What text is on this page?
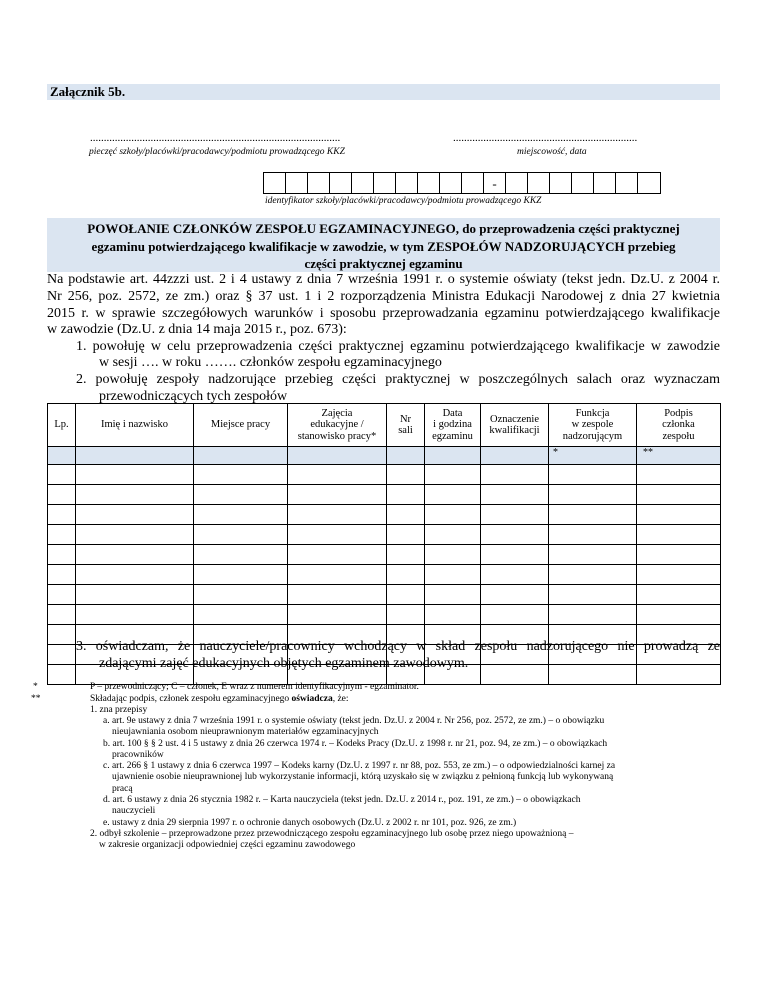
Załącznik 5b.
...........................................................................................
pieczęć szkoły/placówki/pracodawcy/podmiotu prowadzącego KKZ
...................................................................
miejscowość, data
-
identyfikator szkoły/placówki/pracodawcy/podmiotu prowadzącego KKZ
POWOŁANIE CZŁONKÓW ZESPOŁU EGZAMINACYJNEGO, do przeprowadzenia części praktycznej
egzaminu potwierdzającego kwalifikacje w zawodzie, w tym ZESPOŁÓW NADZORUJĄCYCH przebieg
części praktycznej egzaminu
Na podstawie art. 44zzzi ust. 2 i 4 ustawy z dnia 7 września 1991 r. o systemie oświaty (tekst jedn. Dz.U. z 2004 r.
Nr 256, poz. 2572, ze zm.) oraz § 37 ust. 1 i 2 rozporządzenia Ministra Edukacji Narodowej z dnia 27 kwietnia
2015 r. w sprawie szczegółowych warunków i sposobu przeprowadzania egzaminu potwierdzającego kwalifikacje
w zawodzie (Dz.U. z dnia 14 maja 2015 r., poz. 673):
1. powołuję w celu przeprowadzenia części praktycznej egzaminu potwierdzającego kwalifikacje w zawodzie
w sesji …. w roku ……. członków zespołu egzaminacyjnego
2. powołuję zespoły nadzorujące przebieg części praktycznej w poszczególnych salach oraz wyznaczam
Lp.	Imię i nazwisko	Miejsce pracy	Zajęcia
edukacyjne /
stanowisko pracy*	Nr
sali	Data
i godzina
egzaminu	Oznaczenie
kwalifikacji	Funkcja
w zespole
nadzorującym	Podpis
członka
zespołu
							*	**

3. oświadczam, że nauczyciele/pracownicy wchodzący w skład zespołu nadzorującego nie prowadzą ze
zdającymi zajęć edukacyjnych objętych egzaminem zawodowym.
*
**
P – przewodniczący; C – członek, E wraz z numerem identyfikacyjnym - egzaminator.
Składając podpis, członek zespołu egzaminacyjnego oświadcza, że:
1. zna przepisy
a. art. 9e ustawy z dnia 7 września 1991 r. o systemie oświaty (tekst jedn. Dz.U. z 2004 r. Nr 256, poz. 2572, ze zm.) – o obowiązku
nieujawniania osobom nieuprawnionym materiałów egzaminacyjnych
b. art. 100 § § 2 ust. 4 i 5 ustawy z dnia 26 czerwca 1974 r. – Kodeks Pracy (Dz.U. z 1998 r. nr 21, poz. 94, ze zm.) – o obowiązkach
pracowników
c. art. 266 § 1 ustawy z dnia 6 czerwca 1997 – Kodeks karny (Dz.U. z 1997 r. nr 88, poz. 553, ze zm.) – o odpowiedzialności karnej za
ujawnienie osobie nieuprawnionej lub wykorzystanie informacji, którą uzyskało się w związku z pełnioną funkcją lub wykonywaną
pracą
d. art. 6 ustawy z dnia 26 stycznia 1982 r. – Karta nauczyciela (tekst jedn. Dz.U. z 2014 r., poz. 191, ze zm.) – o obowiązkach
nauczycieli
e. ustawy z dnia 29 sierpnia 1997 r. o ochronie danych osobowych (Dz.U. z 2002 r. nr 101, poz. 926, ze zm.)
2. odbył szkolenie – przeprowadzone przez przewodniczącego zespołu egzaminacyjnego lub osobę przez niego upoważnioną –
w zakresie organizacji odpowiedniej części egzaminu zawodowego
przewodniczących tych zespołów
